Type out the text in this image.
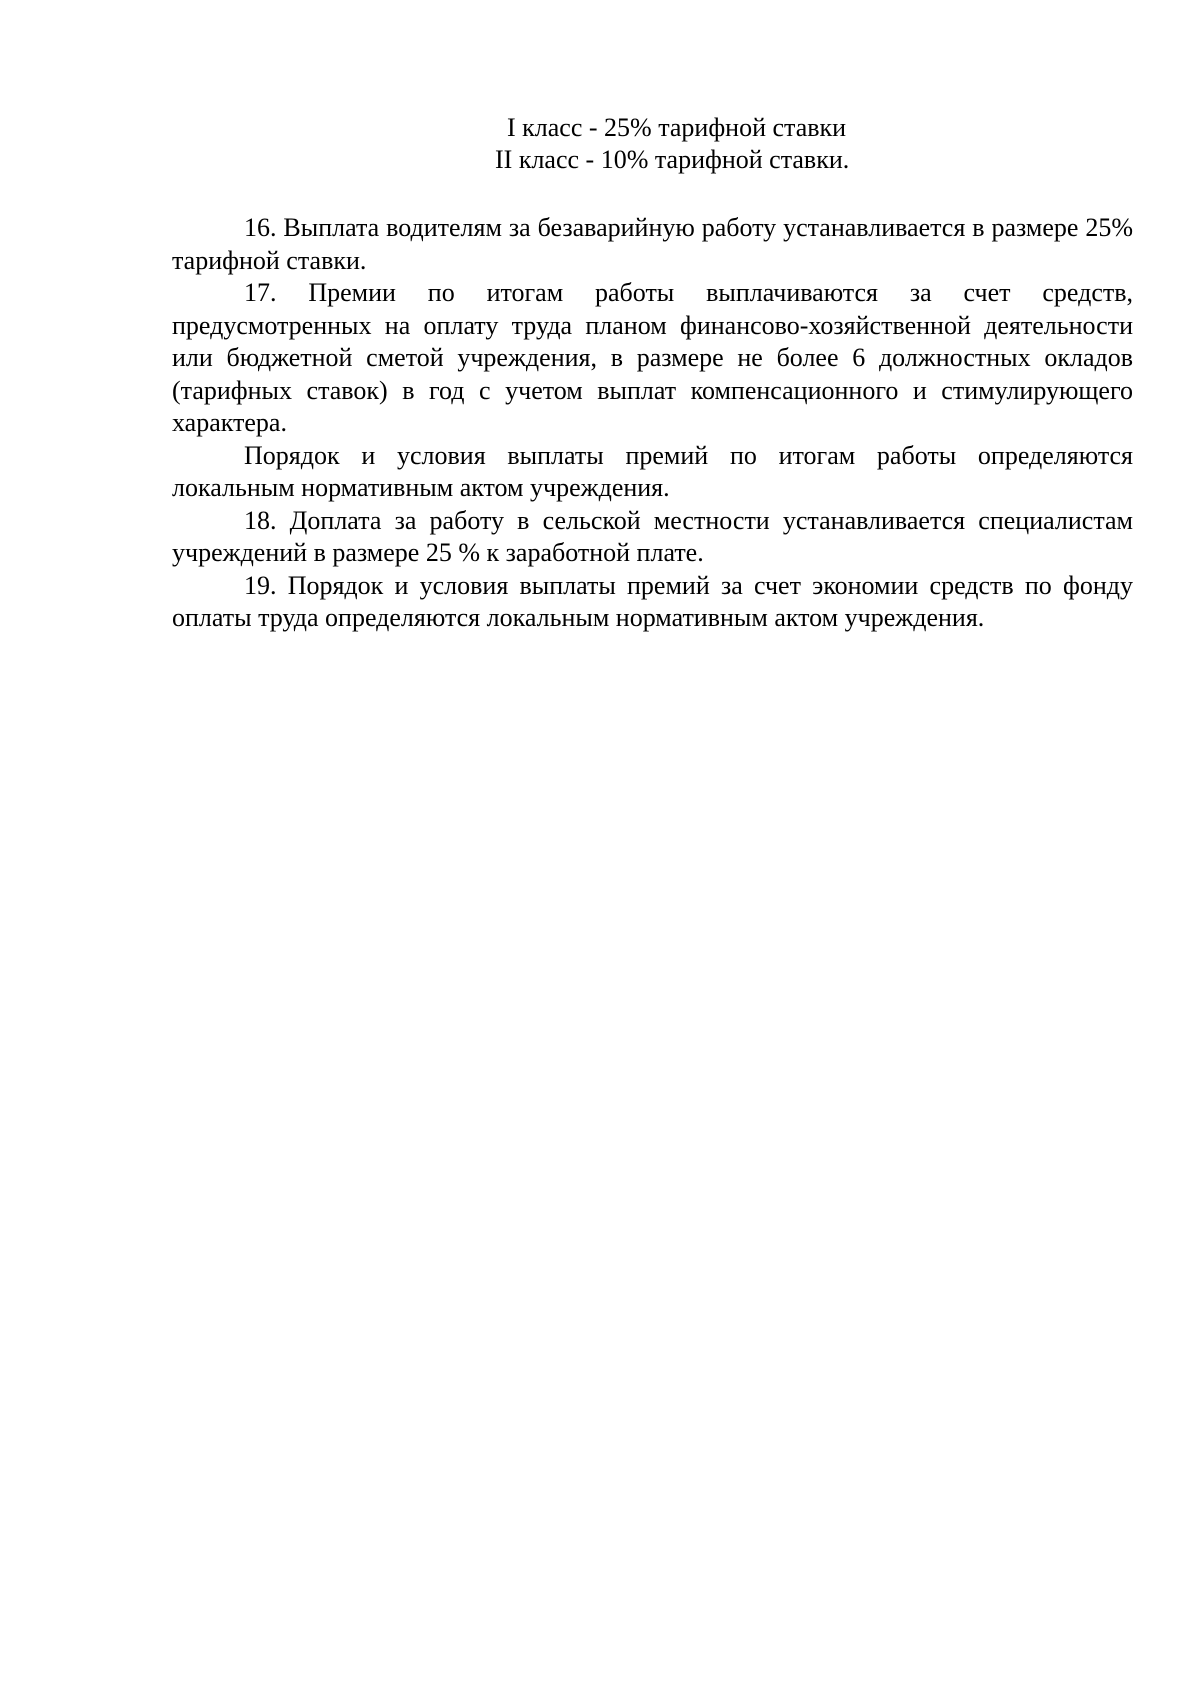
I класс - 25% тарифной ставки
II класс - 10% тарифной ставки.

16. Выплата водителям за безаварийную работу устанавливается в размере 25% тарифной ставки.

17. Премии по итогам работы выплачиваются за счет средств, предусмотренных на оплату труда планом финансово-хозяйственной деятельности или бюджетной сметой учреждения, в размере не более 6 должностных окладов (тарифных ставок) в год с учетом выплат компенсационного и стимулирующего характера.

Порядок и условия выплаты премий по итогам работы определяются локальным нормативным актом учреждения.

18. Доплата за работу в сельской местности устанавливается специалистам учреждений в размере 25 % к заработной плате.

19. Порядок и условия выплаты премий за счет экономии средств по фонду оплаты труда определяются локальным нормативным актом учреждения.
